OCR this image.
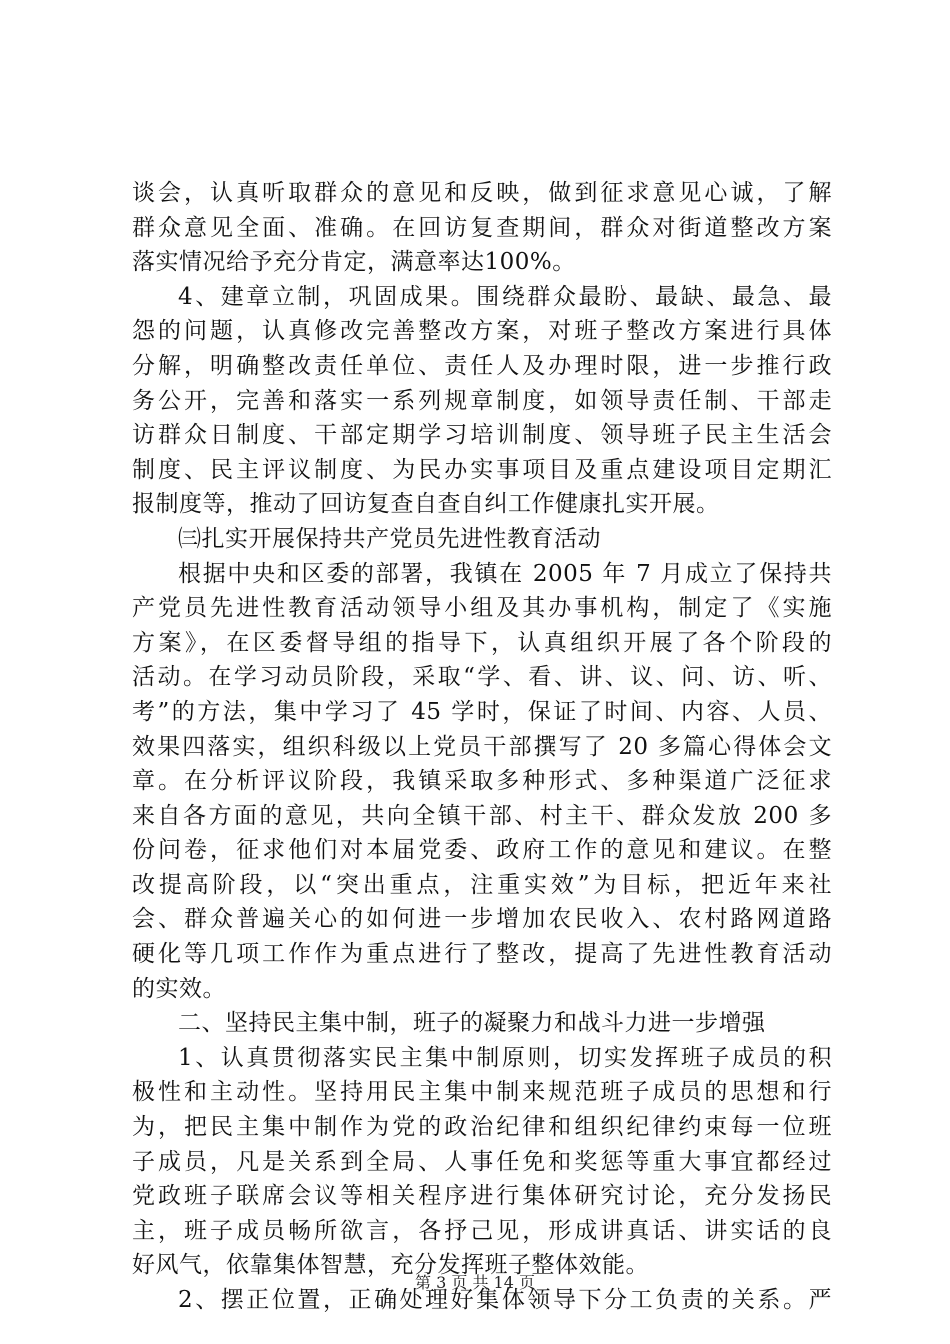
谈会，认真听取群众的意见和反映，做到征求意见心诚，了解
群众意见全面、准确。在回访复查期间，群众对街道整改方案
落实情况给予充分肯定，满意率达100%。
4、建章立制，巩固成果。围绕群众最盼、最缺、最急、最
怨的问题，认真修改完善整改方案，对班子整改方案进行具体
分解，明确整改责任单位、责任人及办理时限，进一步推行政
务公开，完善和落实一系列规章制度，如领导责任制、干部走
访群众日制度、干部定期学习培训制度、领导班子民主生活会
制度、民主评议制度、为民办实事项目及重点建设项目定期汇
报制度等，推动了回访复查自查自纠工作健康扎实开展。
㈢扎实开展保持共产党员先进性教育活动
根据中央和区委的部署，我镇在 2005 年 7 月成立了保持共
产党员先进性教育活动领导小组及其办事机构，制定了《实施
方案》，在区委督导组的指导下，认真组织开展了各个阶段的
活动。在学习动员阶段，采取“学、看、讲、议、问、访、听、
考”的方法，集中学习了 45 学时，保证了时间、内容、人员、
效果四落实，组织科级以上党员干部撰写了 20 多篇心得体会文
章。在分析评议阶段，我镇采取多种形式、多种渠道广泛征求
来自各方面的意见，共向全镇干部、村主干、群众发放 200 多
份问卷，征求他们对本届党委、政府工作的意见和建议。在整
改提高阶段，以“突出重点，注重实效”为目标，把近年来社
会、群众普遍关心的如何进一步增加农民收入、农村路网道路
硬化等几项工作作为重点进行了整改，提高了先进性教育活动
的实效。
二、坚持民主集中制，班子的凝聚力和战斗力进一步增强
1、认真贯彻落实民主集中制原则，切实发挥班子成员的积
极性和主动性。坚持用民主集中制来规范班子成员的思想和行
为，把民主集中制作为党的政治纪律和组织纪律约束每一位班
子成员，凡是关系到全局、人事任免和奖惩等重大事宜都经过
党政班子联席会议等相关程序进行集体研究讨论，充分发扬民
主，班子成员畅所欲言，各抒己见，形成讲真话、讲实话的良
好风气，依靠集体智慧，充分发挥班子整体效能。
2、摆正位置，正确处理好集体领导下分工负责的关系。严
第 3 页 共 14 页
